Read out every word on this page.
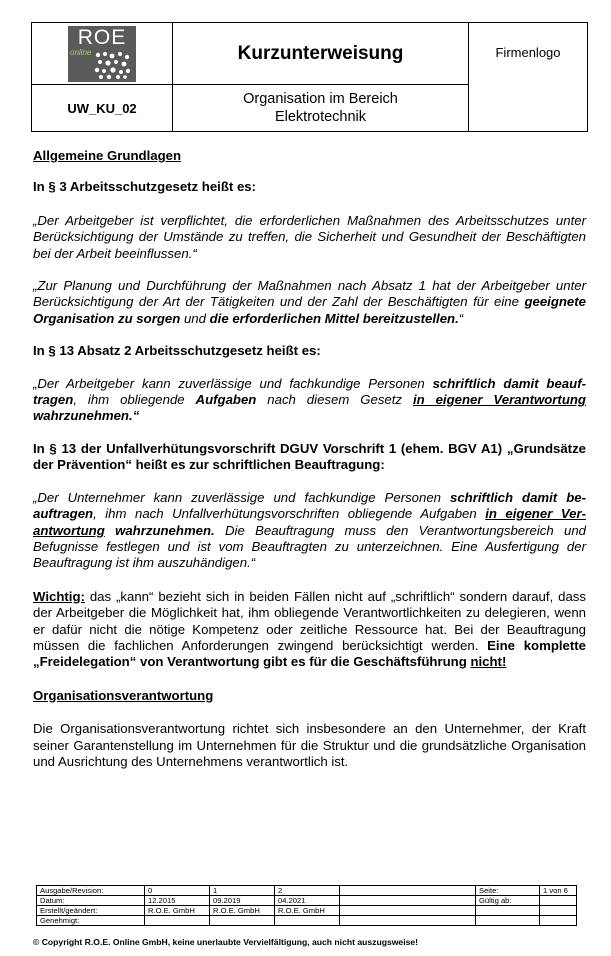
ROE
online	Kurzunterweisung	Firmenlogo
UW_KU_02	Organisation im Bereich
Elektrotechnik	

Allgemeine Grundlagen

In § 3 Arbeitsschutzgesetz heißt es:

„Der Arbeitgeber ist verpflichtet, die erforderlichen Maßnahmen des Arbeitsschutzes unter Berücksichtigung der Umstände zu treffen, die Sicherheit und Gesundheit der Beschäftigten bei der Arbeit beeinflussen.“

„Zur Planung und Durchführung der Maßnahmen nach Absatz 1 hat der Arbeitgeber unter Berücksichtigung der Art der Tätigkeiten und der Zahl der Beschäftigten für eine geeignete Organisation zu sorgen und die erforderlichen Mittel bereitzustellen.“

In § 13 Absatz 2 Arbeitsschutzgesetz heißt es:

„Der Arbeitgeber kann zuverlässige und fachkundige Personen schriftlich damit beauftragen, ihm obliegende Aufgaben nach diesem Gesetz in eigener Verantwortung wahrzunehmen.“

In § 13 der Unfallverhütungsvorschrift DGUV Vorschrift 1 (ehem. BGV A1) „Grundsätze der Prävention“ heißt es zur schriftlichen Beauftragung:

„Der Unternehmer kann zuverlässige und fachkundige Personen schriftlich damit beauftragen, ihm nach Unfallverhütungsvorschriften obliegende Aufgaben in eigener Verantwortung wahrzunehmen. Die Beauftragung muss den Verantwortungsbereich und Befugnisse festlegen und ist vom Beauftragten zu unterzeichnen. Eine Ausfertigung der Beauftragung ist ihm auszuhändigen.“

Wichtig: das „kann“ bezieht sich in beiden Fällen nicht auf „schriftlich“ sondern darauf, dass der Arbeitgeber die Möglichkeit hat, ihm obliegende Verantwortlichkeiten zu delegieren, wenn er dafür nicht die nötige Kompetenz oder zeitliche Ressource hat. Bei der Beauftragung müssen die fachlichen Anforderungen zwingend berücksichtigt werden. Eine komplette „Freidelegation“ von Verantwortung gibt es für die Geschäftsführung nicht!

Organisationsverantwortung

Die Organisationsverantwortung richtet sich insbesondere an den Unternehmer, der Kraft seiner Garantenstellung im Unternehmen für die Struktur und die grundsätzliche Organisation und Ausrichtung des Unternehmens verantwortlich ist.

Ausgabe/Revision:	0	1	2		Seite:	1 von 6
Datum:	12.2015	09.2019	04.2021		Gültig ab:	
Erstellt/geändert:	R.O.E. GmbH	R.O.E. GmbH	R.O.E. GmbH			
Genehmigt:						
© Copyright R.O.E. Online GmbH, keine unerlaubte Vervielfältigung, auch nicht auszugsweise!
